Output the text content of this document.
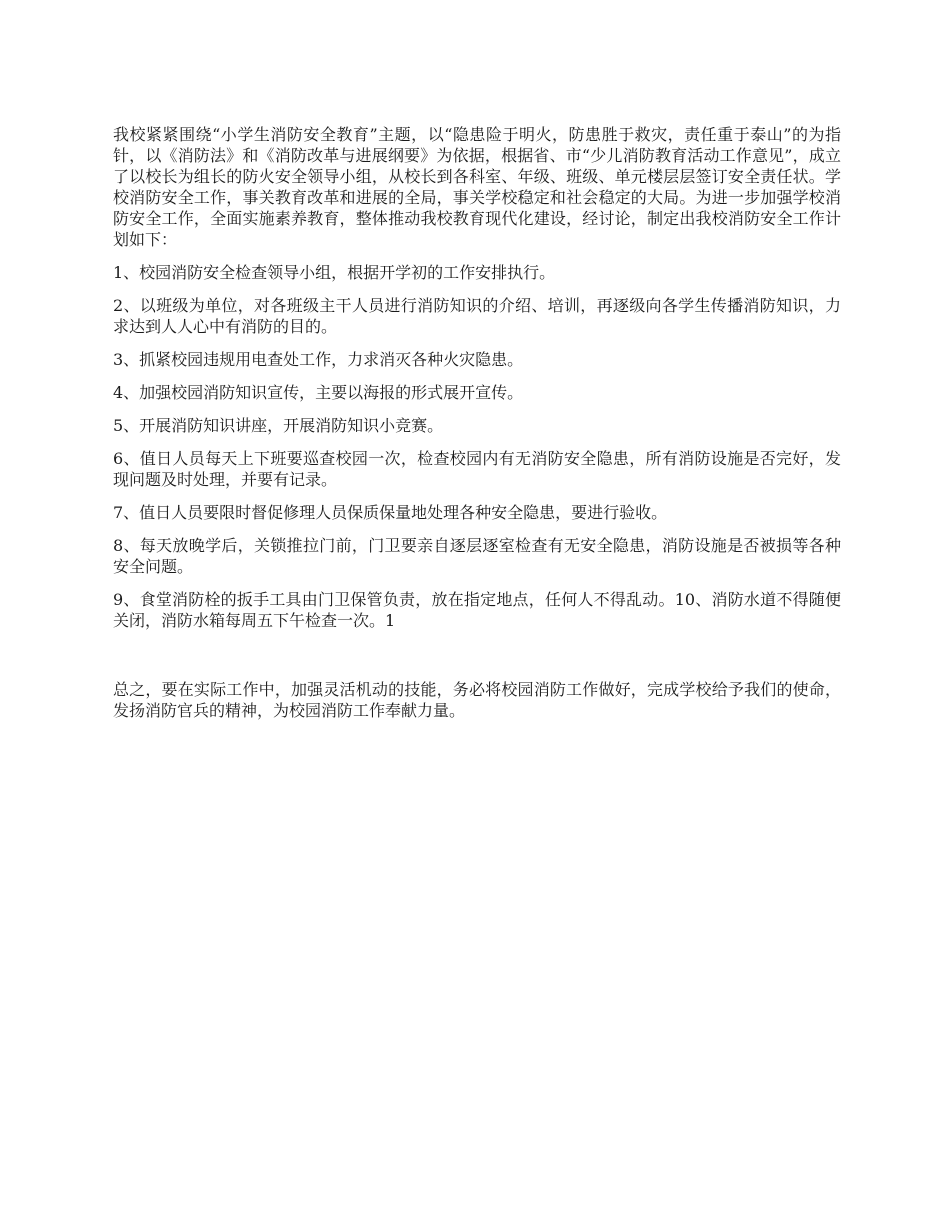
我校紧紧围绕“小学生消防安全教育”主题，以“隐患险于明火，防患胜于救灾，责任重于泰山”的为指针，以《消防法》和《消防改革与进展纲要》为依据，根据省、市“少儿消防教育活动工作意见”，成立了以校长为组长的防火安全领导小组，从校长到各科室、年级、班级、单元楼层层签订安全责任状。学校消防安全工作，事关教育改革和进展的全局，事关学校稳定和社会稳定的大局。为进一步加强学校消防安全工作，全面实施素养教育，整体推动我校教育现代化建设，经讨论，制定出我校消防安全工作计划如下：

1、校园消防安全检查领导小组，根据开学初的工作安排执行。

2、以班级为单位，对各班级主干人员进行消防知识的介绍、培训，再逐级向各学生传播消防知识，力求达到人人心中有消防的目的。

3、抓紧校园违规用电查处工作，力求消灭各种火灾隐患。

4、加强校园消防知识宣传，主要以海报的形式展开宣传。

5、开展消防知识讲座，开展消防知识小竞赛。

6、值日人员每天上下班要巡查校园一次，检查校园内有无消防安全隐患，所有消防设施是否完好，发现问题及时处理，并要有记录。

7、值日人员要限时督促修理人员保质保量地处理各种安全隐患，要进行验收。

8、每天放晚学后，关锁推拉门前，门卫要亲自逐层逐室检查有无安全隐患，消防设施是否被损等各种安全问题。

9、食堂消防栓的扳手工具由门卫保管负责，放在指定地点，任何人不得乱动。10、消防水道不得随便关闭，消防水箱每周五下午检查一次。1

总之，要在实际工作中，加强灵活机动的技能，务必将校园消防工作做好，完成学校给予我们的使命，发扬消防官兵的精神，为校园消防工作奉献力量。
